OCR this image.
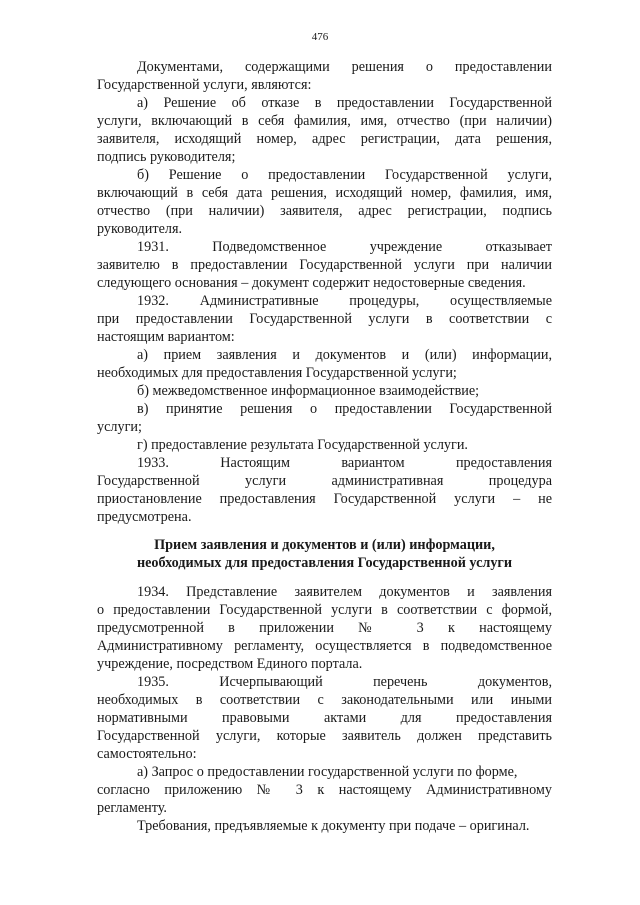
476
Документами, содержащими решения о предоставлении
Государственной услуги, являются:
а) Решение об отказе в предоставлении Государственной
услуги, включающий в себя фамилия, имя, отчество (при наличии)
заявителя, исходящий номер, адрес регистрации, дата решения,
подпись руководителя;
б) Решение о предоставлении Государственной услуги,
включающий в себя дата решения, исходящий номер, фамилия, имя,
отчество (при наличии) заявителя, адрес регистрации, подпись
руководителя.
1931. Подведомственное учреждение отказывает
заявителю в предоставлении Государственной услуги при наличии
следующего основания – документ содержит недостоверные сведения.
1932. Административные процедуры, осуществляемые
при предоставлении Государственной услуги в соответствии с
настоящим вариантом:
а) прием заявления и документов и (или) информации,
необходимых для предоставления Государственной услуги;
б) межведомственное информационное взаимодействие;
в) принятие решения о предоставлении Государственной
услуги;
г) предоставление результата Государственной услуги.
1933. Настоящим вариантом предоставления
Государственной услуги административная процедура
приостановление предоставления Государственной услуги – не
предусмотрена.
Прием заявления и документов и (или) информации,
необходимых для предоставления Государственной услуги
1934. Представление заявителем документов и заявления
о предоставлении Государственной услуги в соответствии с формой,
предусмотренной в приложении № 3 к настоящему
Административному регламенту, осуществляется в подведомственное
учреждение, посредством Единого портала.
1935. Исчерпывающий перечень документов,
необходимых в соответствии с законодательными или иными
нормативными правовыми актами для предоставления
Государственной услуги, которые заявитель должен представить
самостоятельно:
а) Запрос о предоставлении государственной услуги по форме,
согласно приложению № 3 к настоящему Административному
регламенту.
Требования, предъявляемые к документу при подаче – оригинал.
